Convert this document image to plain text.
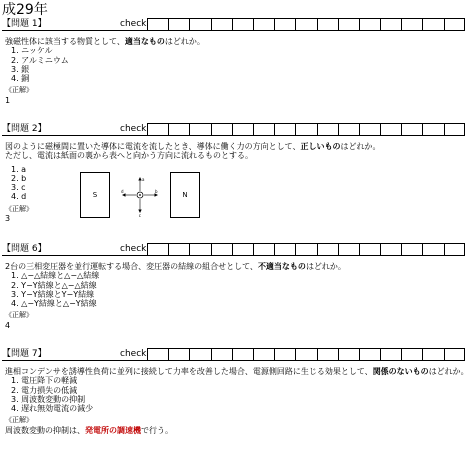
成29年
【問題 1】	check

強磁性体に該当する物質として、適当なものはどれか。

1. ニッケル

2. アルミニウム

3. 銀

4. 銅

《正解》

1

【問題 2】	check

図のように磁極間に置いた導体に電流を流したとき、導体に働く力の方向として、正しいものはどれか。

ただし、電流は紙面の裏から表へと向かう方向に流れるものとする。

1. a

2. b

3. c

4. d

《正解》

3

S
a
b
c
d	N
【問題 6】	check

2台の三相変圧器を並行運転する場合、変圧器の結線の組合せとして、不適当なものはどれか。

1. △−△結線と△−△結線

2. Y−Y結線と△−△結線

3. Y−Y結線とY−Y結線

4. △−Y結線と△−Y結線

《正解》

4

【問題 7】	check

進相コンデンサを誘導性負荷に並列に接続して力率を改善した場合、電源側回路に生じる効果として、関係のないものはどれか。

1. 電圧降下の軽減

2. 電力損失の低減

3. 周波数変動の抑制

4. 遅れ無効電流の減少

《正解》

周波数変動の抑制は、発電所の調速機で行う。
